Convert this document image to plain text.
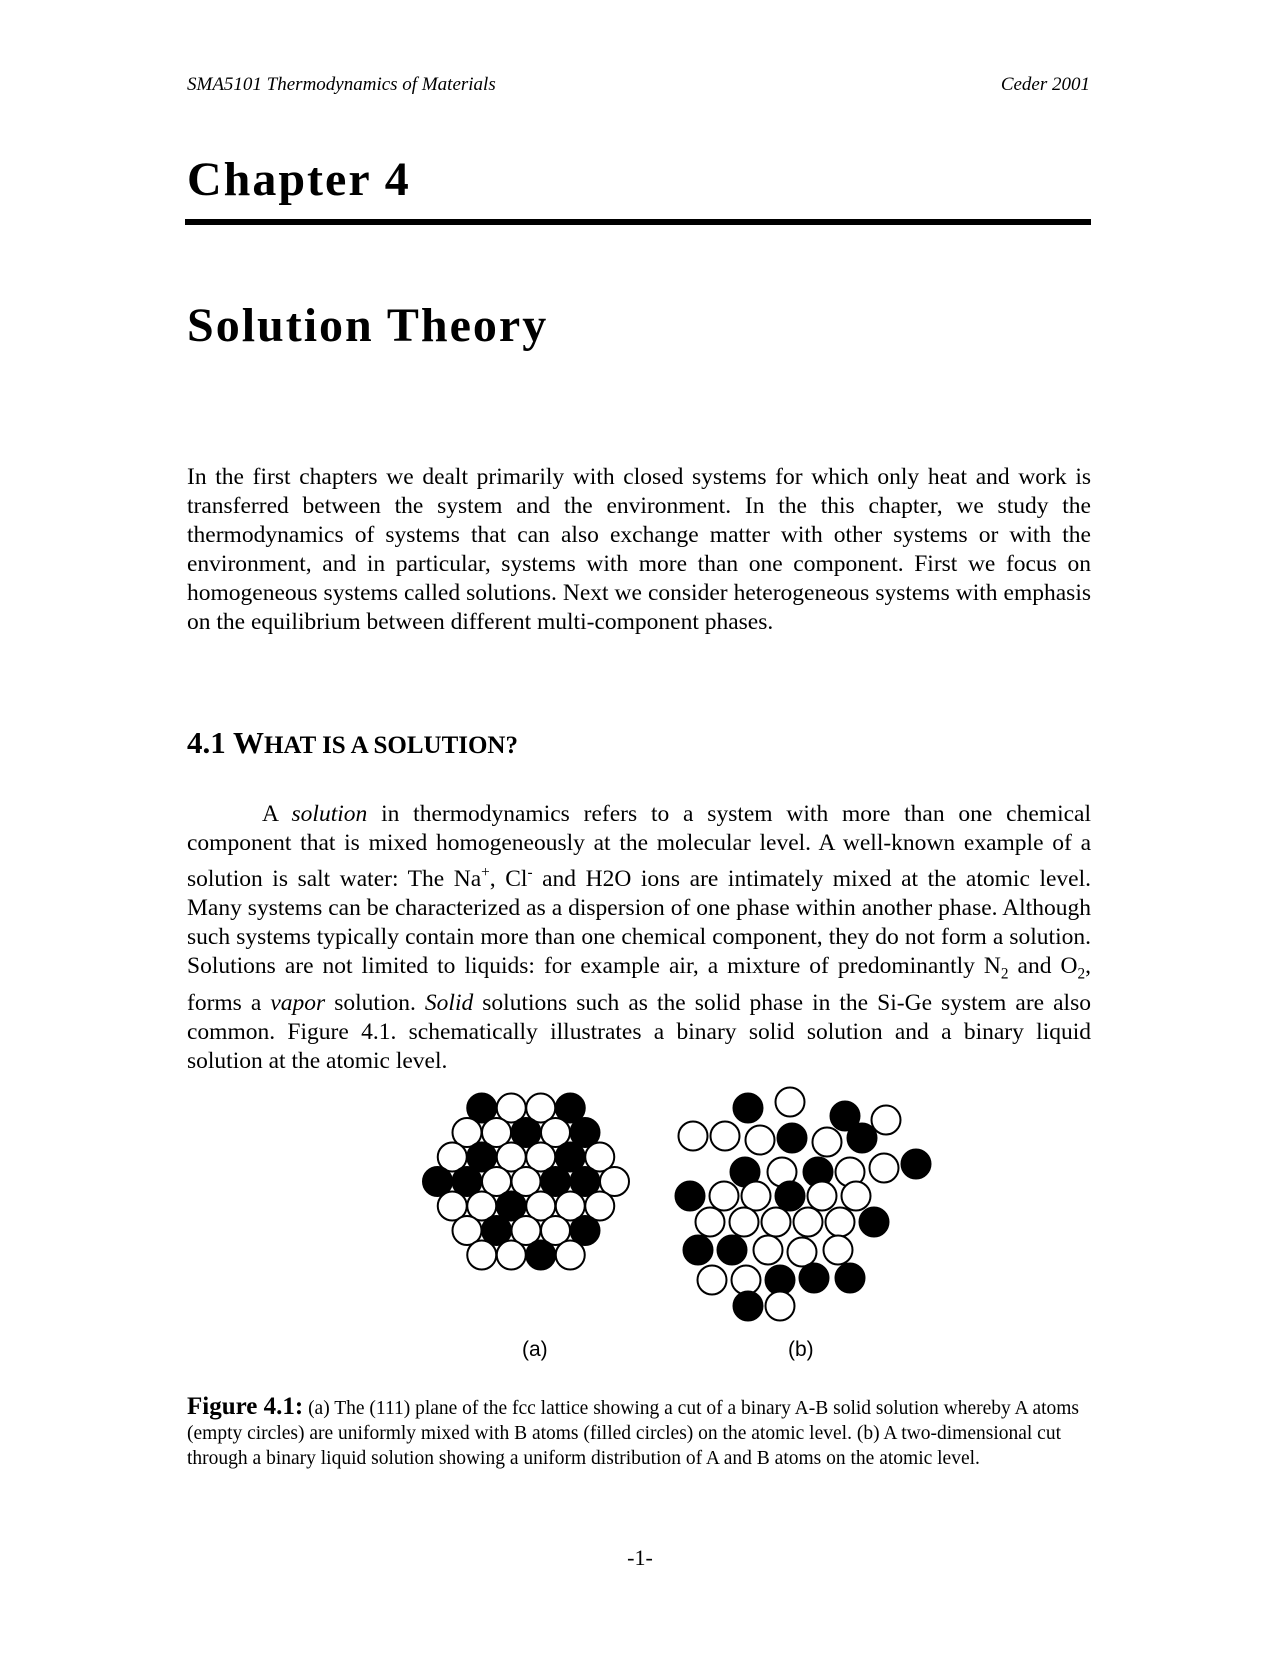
SMA5101 Thermodynamics of Materials	Ceder 2001
Chapter 4
Solution Theory

In the first chapters we dealt primarily with closed systems for which only heat and work is transferred between the system and the environment. In the this chapter, we study the thermodynamics of systems that can also exchange matter with other systems or with the environment, and in particular, systems with more than one component. First we focus on homogeneous systems called solutions. Next we consider heterogeneous systems with emphasis on the equilibrium between different multi-component phases.

4.1 WHAT IS A SOLUTION?

A solution in thermodynamics refers to a system with more than one chemical component that is mixed homogeneously at the molecular level. A well-known example of a solution is salt water: The Na+, Cl- and H2O ions are intimately mixed at the atomic level. Many systems can be characterized as a dispersion of one phase within another phase. Although such systems typically contain more than one chemical component, they do not form a solution. Solutions are not limited to liquids: for example air, a mixture of predominantly $N_2$ and $O_2$, forms a vapor solution. Solid solutions such as the solid phase in the Si-Ge system are also common. Figure 4.1. schematically illustrates a binary solid solution and a binary liquid solution at the atomic level.

(a)	(b)

Figure 4.1: (a) The (111) plane of the fcc lattice showing a cut of a binary A-B solid solution whereby A atoms (empty circles) are uniformly mixed with B atoms (filled circles) on the atomic level. (b) A two-dimensional cut through a binary liquid solution showing a uniform distribution of A and B atoms on the atomic level.

-1-
